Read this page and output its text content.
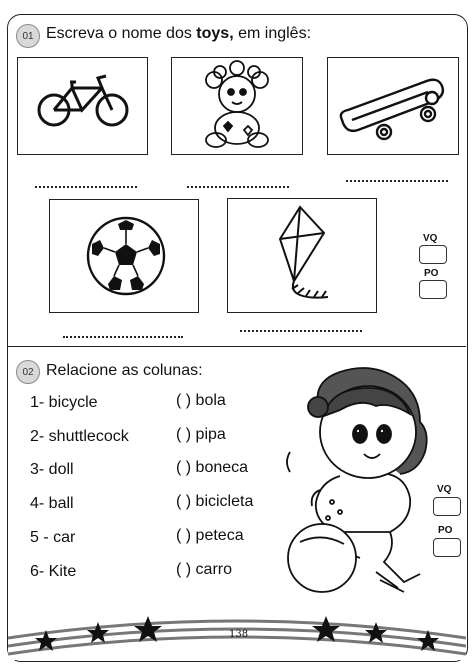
01 Escreva o nome dos toys, em inglês:
VQ
PO
02 Relacione as colunas:
1- bicycle
2- shuttlecock
3- doll
4- ball
5 - car
6- Kite
( ) bola
( ) pipa
( ) boneca
( ) bicicleta
( ) peteca
( ) carro
VQ
PO
138
